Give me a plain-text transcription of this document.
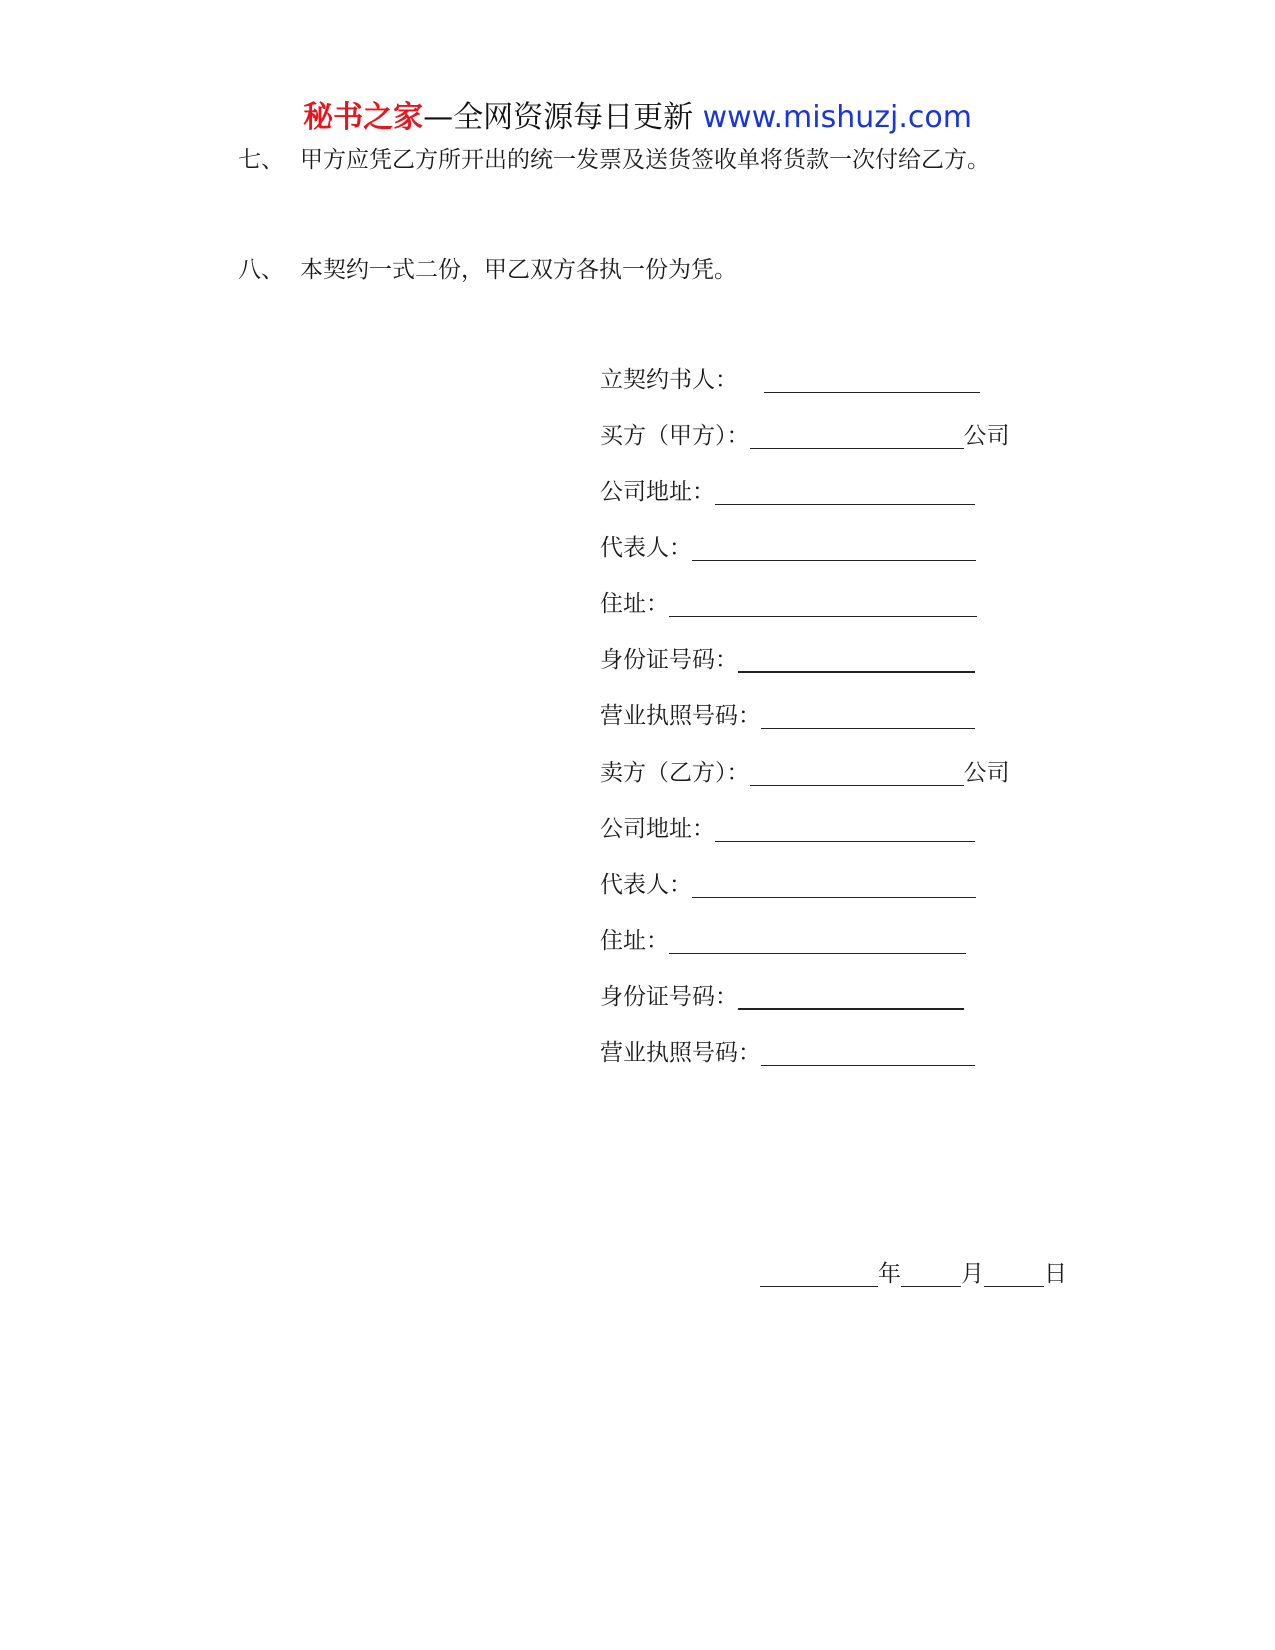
秘书之家—全网资源每日更新 www.mishuzj.com
七、 甲方应凭乙方所开出的统一发票及送货签收单将货款一次付给乙方。
八、 本契约一式二份，甲乙双方各执一份为凭。
立契约书人：
买方（甲方）：	公司
公司地址：
代表人：
住址：
身份证号码：
营业执照号码：
卖方（乙方）：	公司
公司地址：
代表人：
住址：
身份证号码：
营业执照号码：
年	月	日
